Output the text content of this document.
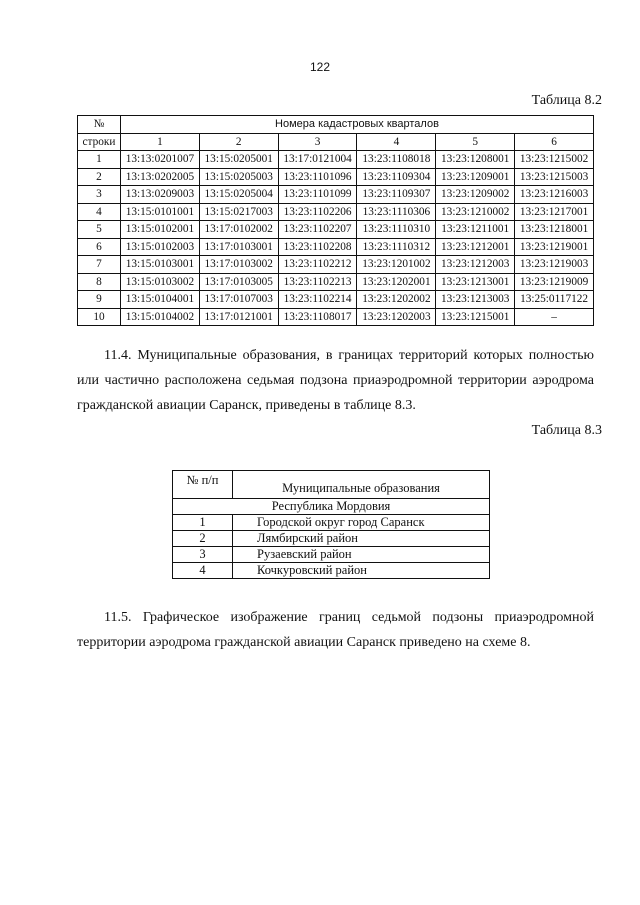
122
Таблица 8.2
№	Номера кадастровых кварталов					
строки	1	2	3	4	5	6
1	13:13:0201007	13:15:0205001	13:17:0121004	13:23:1108018	13:23:1208001	13:23:1215002
2	13:13:0202005	13:15:0205003	13:23:1101096	13:23:1109304	13:23:1209001	13:23:1215003
3	13:13:0209003	13:15:0205004	13:23:1101099	13:23:1109307	13:23:1209002	13:23:1216003
4	13:15:0101001	13:15:0217003	13:23:1102206	13:23:1110306	13:23:1210002	13:23:1217001
5	13:15:0102001	13:17:0102002	13:23:1102207	13:23:1110310	13:23:1211001	13:23:1218001
6	13:15:0102003	13:17:0103001	13:23:1102208	13:23:1110312	13:23:1212001	13:23:1219001
7	13:15:0103001	13:17:0103002	13:23:1102212	13:23:1201002	13:23:1212003	13:23:1219003
8	13:15:0103002	13:17:0103005	13:23:1102213	13:23:1202001	13:23:1213001	13:23:1219009
9	13:15:0104001	13:17:0107003	13:23:1102214	13:23:1202002	13:23:1213003	13:25:0117122
10	13:15:0104002	13:17:0121001	13:23:1108017	13:23:1202003	13:23:1215001	–
11.4. Муниципальные образования, в границах территорий которых полностью или частично расположена седьмая подзона приаэродромной территории аэродрома гражданской авиации Саранск, приведены в таблице 8.3.
Таблица 8.3
№ п/п	Муниципальные образования
Республика Мордовия	
1	Городской округ город Саранск
2	Лямбирский район
3	Рузаевский район
4	Кочкуровский район
11.5. Графическое изображение границ седьмой подзоны приаэродромной территории аэродрома гражданской авиации Саранск приведено на схеме 8.
